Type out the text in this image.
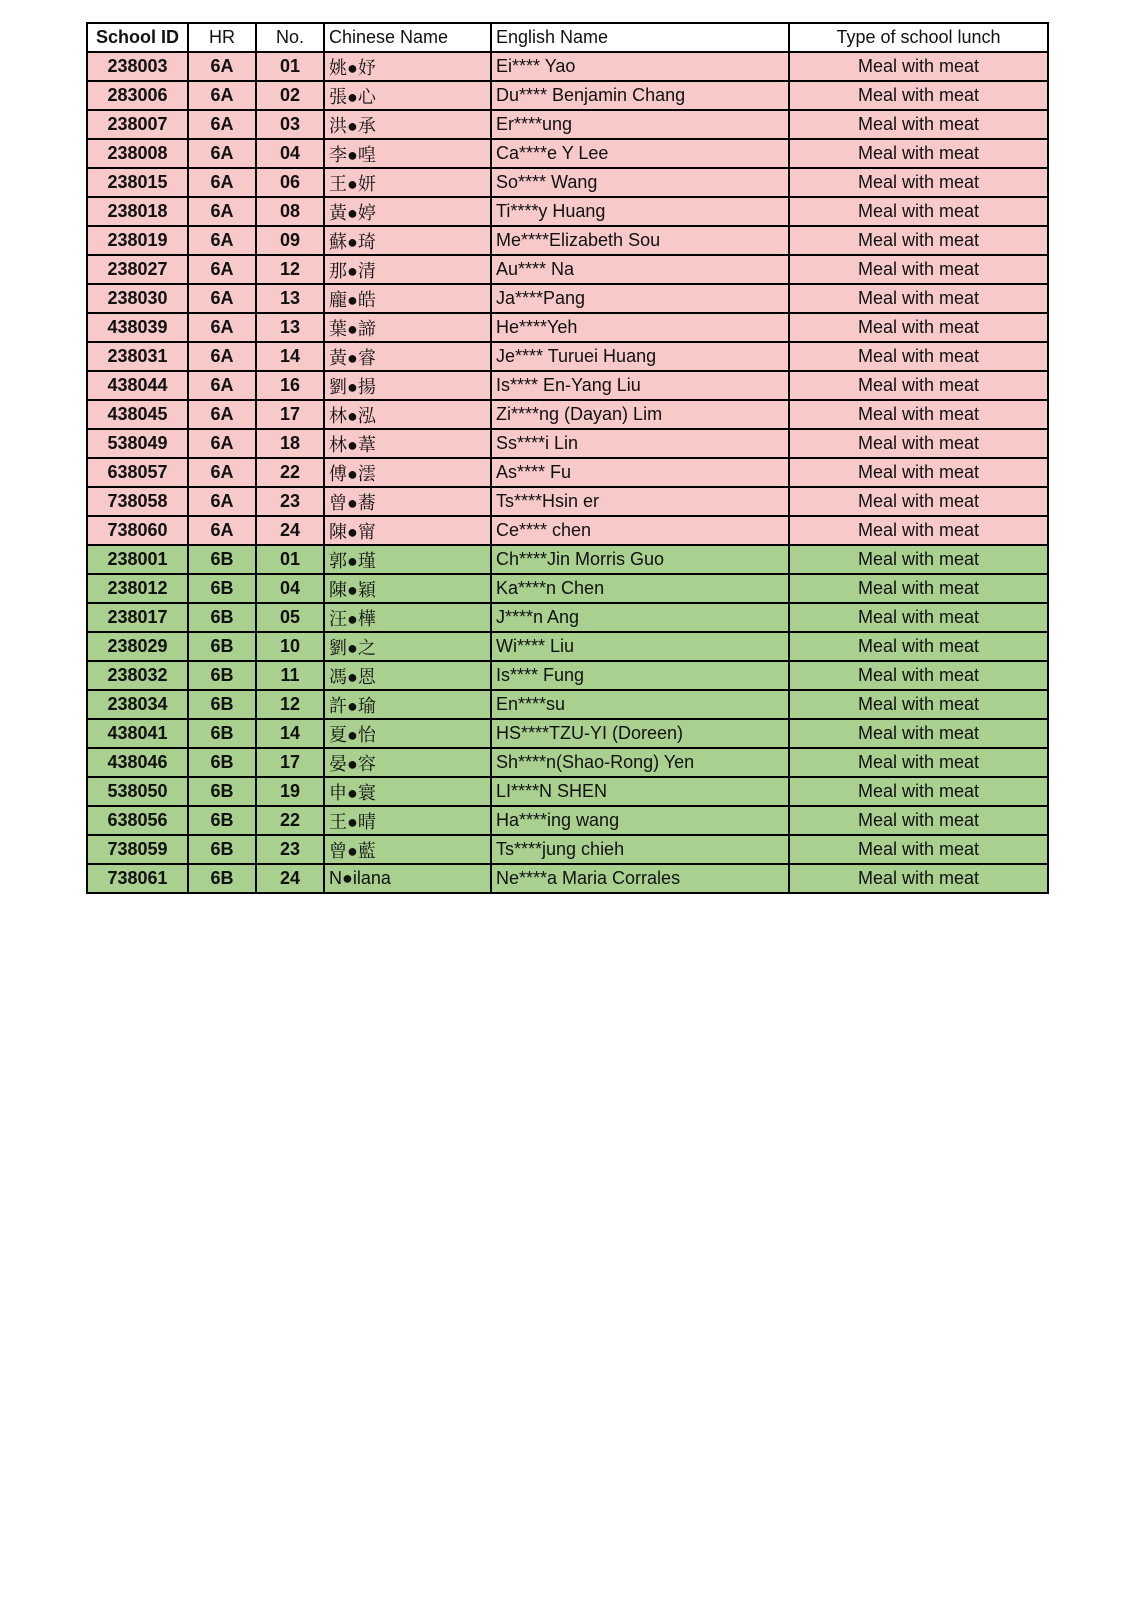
School ID	HR	No.	Chinese Name	English Name	Type of school lunch
238003	6A	01	姚●妤	Ei**** Yao	Meal with meat
283006	6A	02	張●心	Du**** Benjamin Chang	Meal with meat
238007	6A	03	洪●承	Er****ung	Meal with meat
238008	6A	04	李●喤	Ca****e Y Lee	Meal with meat
238015	6A	06	王●妍	So**** Wang	Meal with meat
238018	6A	08	黃●婷	Ti****y Huang	Meal with meat
238019	6A	09	蘇●琦	Me****Elizabeth Sou	Meal with meat
238027	6A	12	那●清	Au**** Na	Meal with meat
238030	6A	13	龐●皓	Ja****Pang	Meal with meat
438039	6A	13	葉●諦	He****Yeh	Meal with meat
238031	6A	14	黃●睿	Je**** Turuei Huang	Meal with meat
438044	6A	16	劉●揚	Is**** En-Yang Liu	Meal with meat
438045	6A	17	林●泓	Zi****ng (Dayan) Lim	Meal with meat
538049	6A	18	林●葦	Ss****i Lin	Meal with meat
638057	6A	22	傅●澐	As**** Fu	Meal with meat
738058	6A	23	曾●蕎	Ts****Hsin er	Meal with meat
738060	6A	24	陳●甯	Ce**** chen	Meal with meat
238001	6B	01	郭●瑾	Ch****Jin Morris Guo	Meal with meat
238012	6B	04	陳●穎	Ka****n Chen	Meal with meat
238017	6B	05	汪●樺	J****n Ang	Meal with meat
238029	6B	10	劉●之	Wi**** Liu	Meal with meat
238032	6B	11	馮●恩	Is**** Fung	Meal with meat
238034	6B	12	許●瑜	En****su	Meal with meat
438041	6B	14	夏●怡	HS****TZU-YI (Doreen)	Meal with meat
438046	6B	17	晏●容	Sh****n(Shao-Rong) Yen	Meal with meat
538050	6B	19	申●寰	LI****N SHEN	Meal with meat
638056	6B	22	王●晴	Ha****ing wang	Meal with meat
738059	6B	23	曾●藍	Ts****jung chieh	Meal with meat
738061	6B	24	N●ilana	Ne****a Maria Corrales	Meal with meat
